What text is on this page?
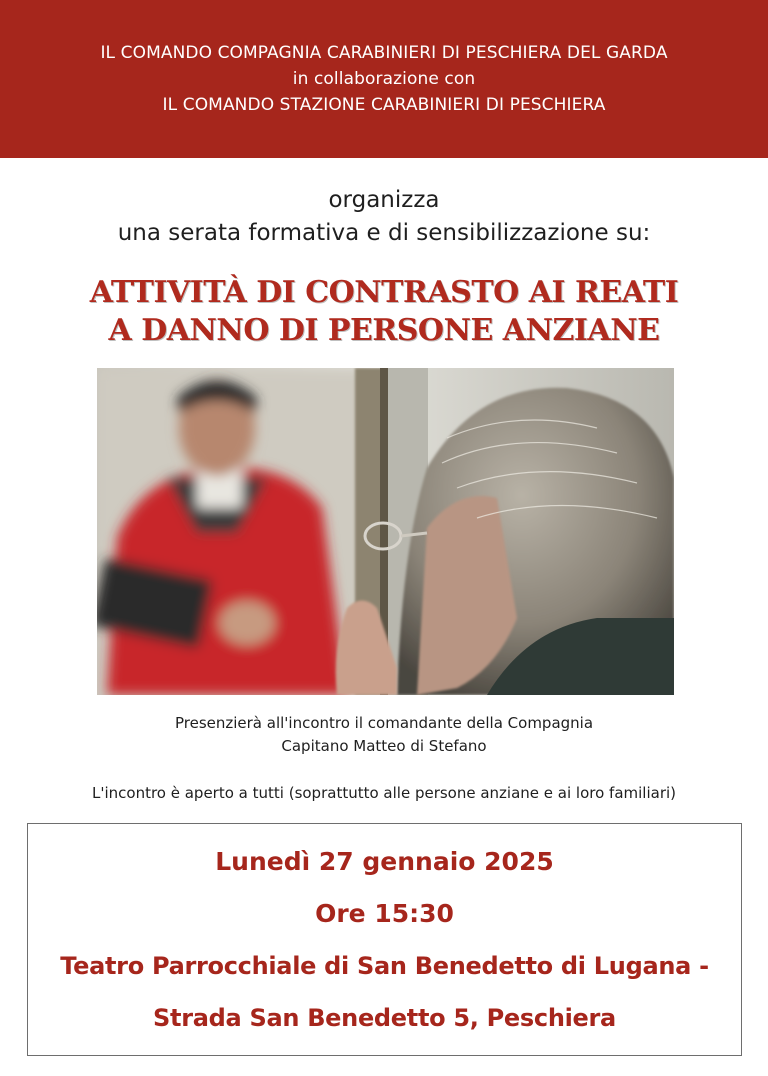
IL COMANDO COMPAGNIA CARABINIERI DI PESCHIERA DEL GARDA
in collaborazione con
IL COMANDO STAZIONE CARABINIERI DI PESCHIERA
organizza
una serata formativa e di sensibilizzazione su:
ATTIVITÀ DI CONTRASTO AI REATI
A DANNO DI PERSONE ANZIANE
Presenzierà all'incontro il comandante della Compagnia
Capitano Matteo di Stefano
L'incontro è aperto a tutti (soprattutto alle persone anziane e ai loro familiari)
Lunedì 27 gennaio 2025
Ore 15:30
Teatro Parrocchiale di San Benedetto di Lugana -
Strada San Benedetto 5, Peschiera
